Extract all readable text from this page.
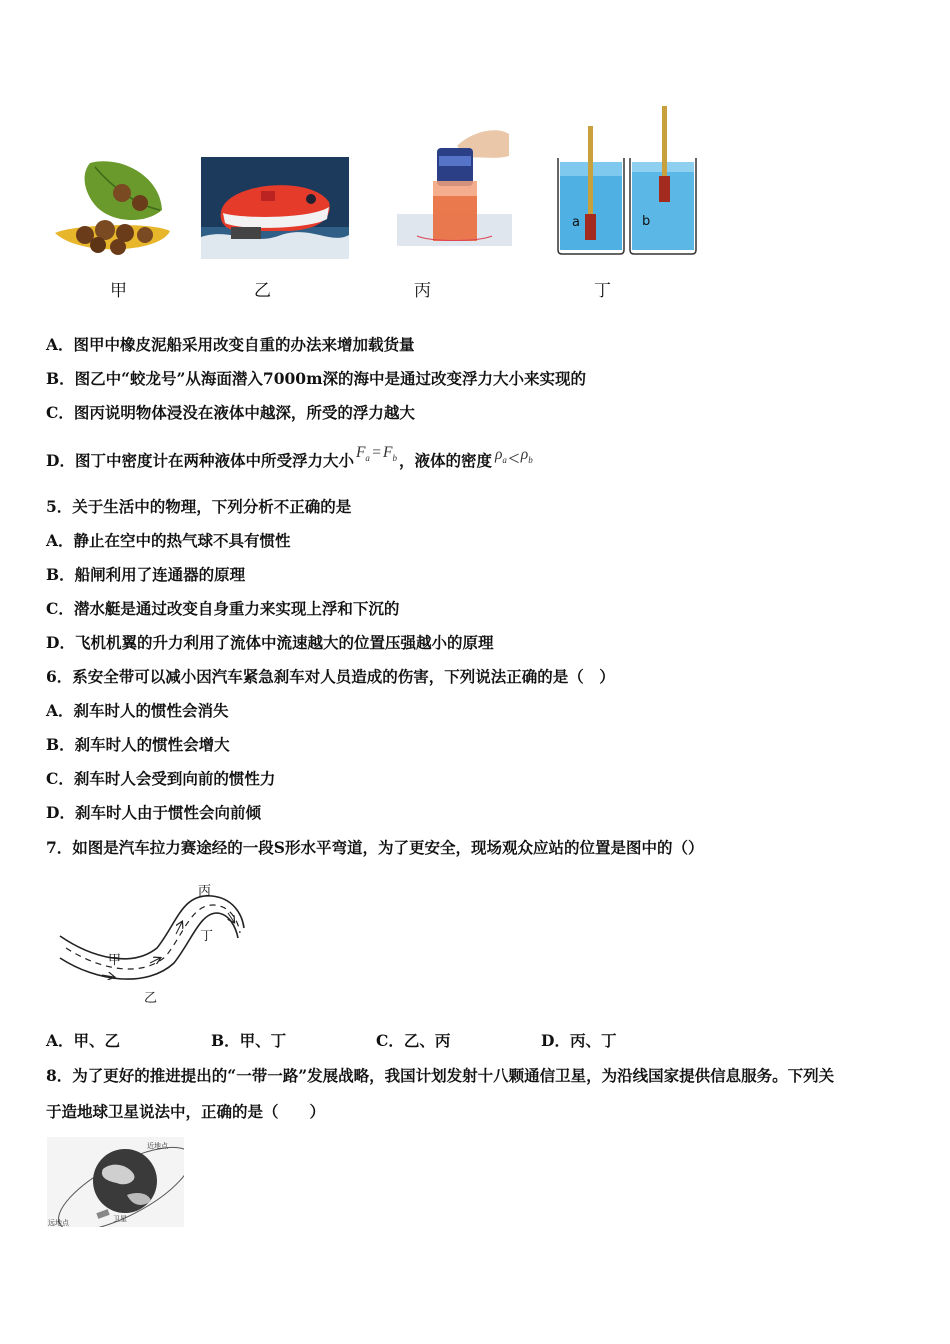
a	b
甲	乙	丙	丁
A．图甲中橡皮泥船采用改变自重的办法来增加载货量
B．图乙中“蛟龙号”从海面潜入7000m深的海中是通过改变浮力大小来实现的
C．图丙说明物体浸没在液体中越深，所受的浮力越大
D．图丁中密度计在两种液体中所受浮力大小 $F_a$ = $F_b$ ，液体的密度 $\rho_a$ < $\rho_b$
5．关于生活中的物理，下列分析不正确的是
A．静止在空中的热气球不具有惯性
B．船闸利用了连通器的原理
C．潜水艇是通过改变自身重力来实现上浮和下沉的
D．飞机机翼的升力利用了流体中流速越大的位置压强越小的原理
6．系安全带可以减小因汽车紧急刹车对人员造成的伤害，下列说法正确的是（　）
A．刹车时人的惯性会消失
B．刹车时人的惯性会增大
C．刹车时人会受到向前的惯性力
D．刹车时人由于惯性会向前倾
7．如图是汽车拉力赛途经的一段S形水平弯道，为了更安全，现场观众应站的位置是图中的（）
丙
丁
甲
乙
A．甲、乙	B．甲、丁	C．乙、丙	D．丙、丁
8．为了更好的推进提出的“一带一路”发展战略，我国计划发射十八颗通信卫星，为沿线国家提供信息服务。下列关
于造地球卫星说法中，正确的是（　　）
近地点
卫星
远地点
